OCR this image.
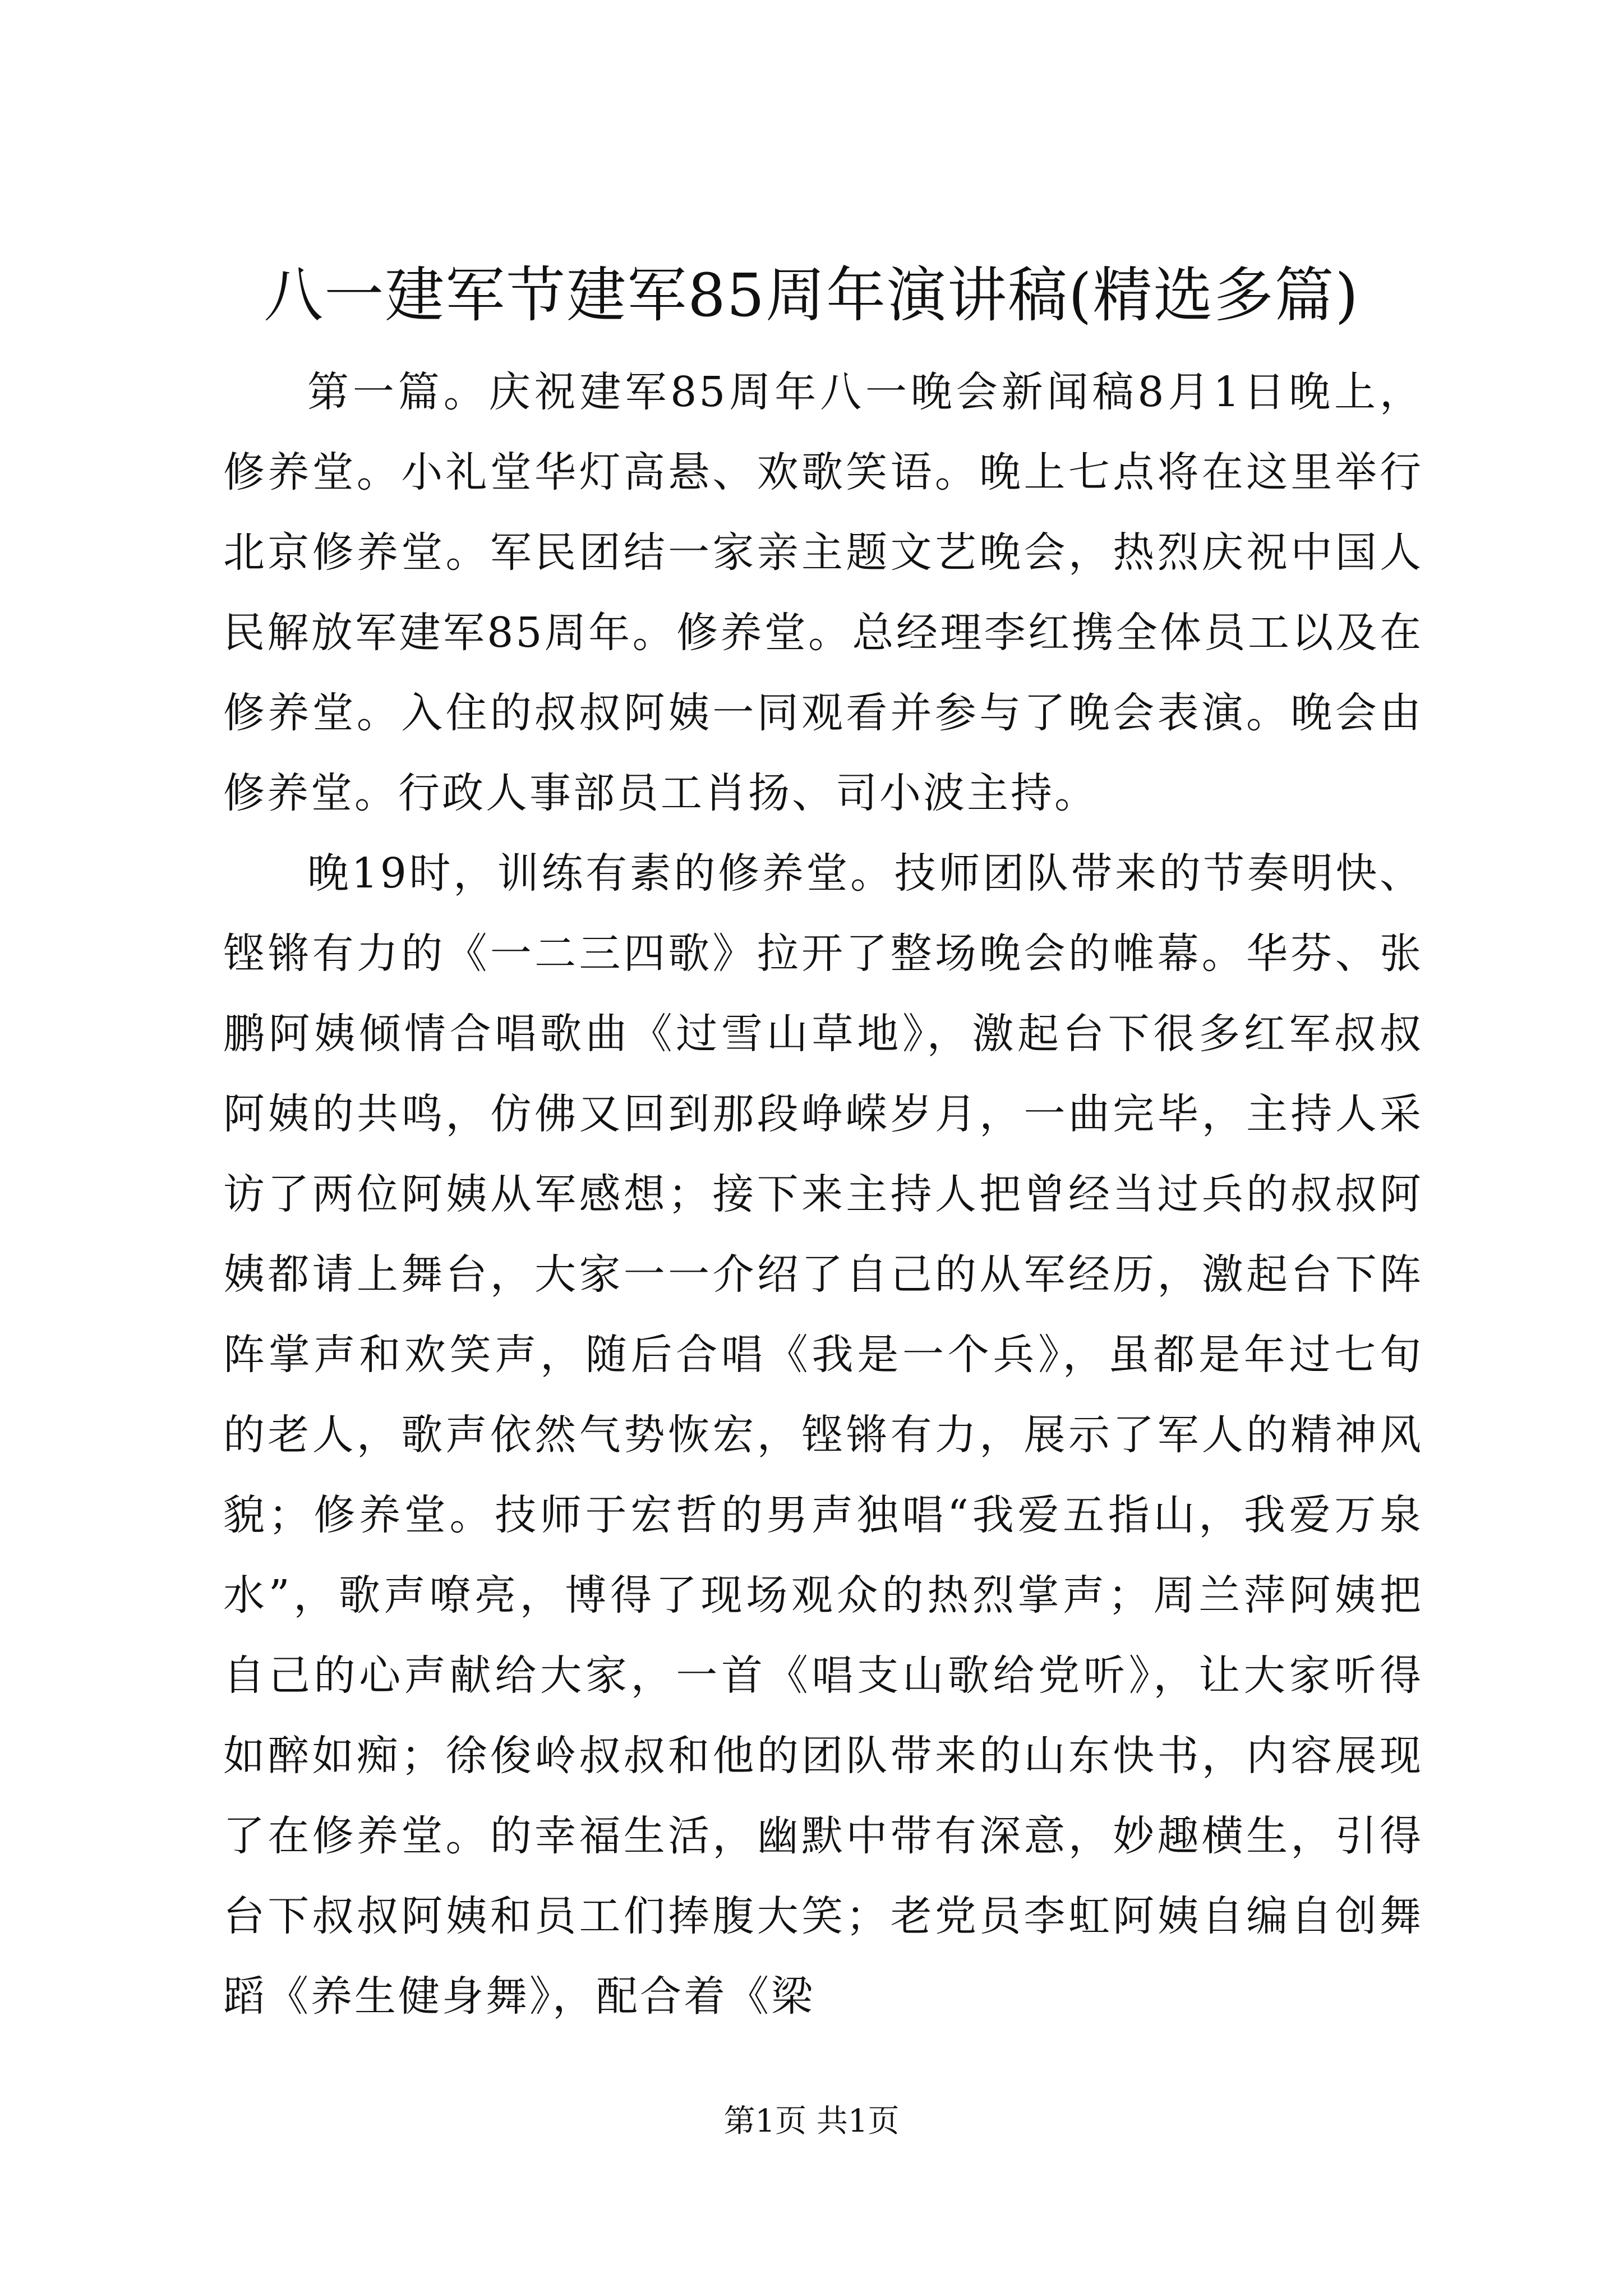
八一建军节建军85周年演讲稿(精选多篇)

第一篇。庆祝建军85周年八一晚会新闻稿8月1日晚上，修养堂。小礼堂华灯高悬、欢歌笑语。晚上七点将在这里举行北京修养堂。军民团结一家亲主题文艺晚会，热烈庆祝中国人民解放军建军85周年。修养堂。总经理李红携全体员工以及在修养堂。入住的叔叔阿姨一同观看并参与了晚会表演。晚会由修养堂。行政人事部员工肖扬、司小波主持。

晚19时，训练有素的修养堂。技师团队带来的节奏明快、铿锵有力的《一二三四歌》拉开了整场晚会的帷幕。华芬、张鹏阿姨倾情合唱歌曲《过雪山草地》，激起台下很多红军叔叔阿姨的共鸣，仿佛又回到那段峥嵘岁月，一曲完毕，主持人采访了两位阿姨从军感想；接下来主持人把曾经当过兵的叔叔阿姨都请上舞台，大家一一介绍了自己的从军经历，激起台下阵阵掌声和欢笑声，随后合唱《我是一个兵》，虽都是年过七旬的老人，歌声依然气势恢宏，铿锵有力，展示了军人的精神风貌；修养堂。技师于宏哲的男声独唱“我爱五指山，我爱万泉水”，歌声嘹亮，博得了现场观众的热烈掌声；周兰萍阿姨把自己的心声献给大家，一首《唱支山歌给党听》，让大家听得如醉如痴；徐俊岭叔叔和他的团队带来的山东快书，内容展现了在修养堂。的幸福生活，幽默中带有深意，妙趣横生，引得台下叔叔阿姨和员工们捧腹大笑；老党员李虹阿姨自编自创舞蹈《养生健身舞》，配合着《梁

第1页 共1页
